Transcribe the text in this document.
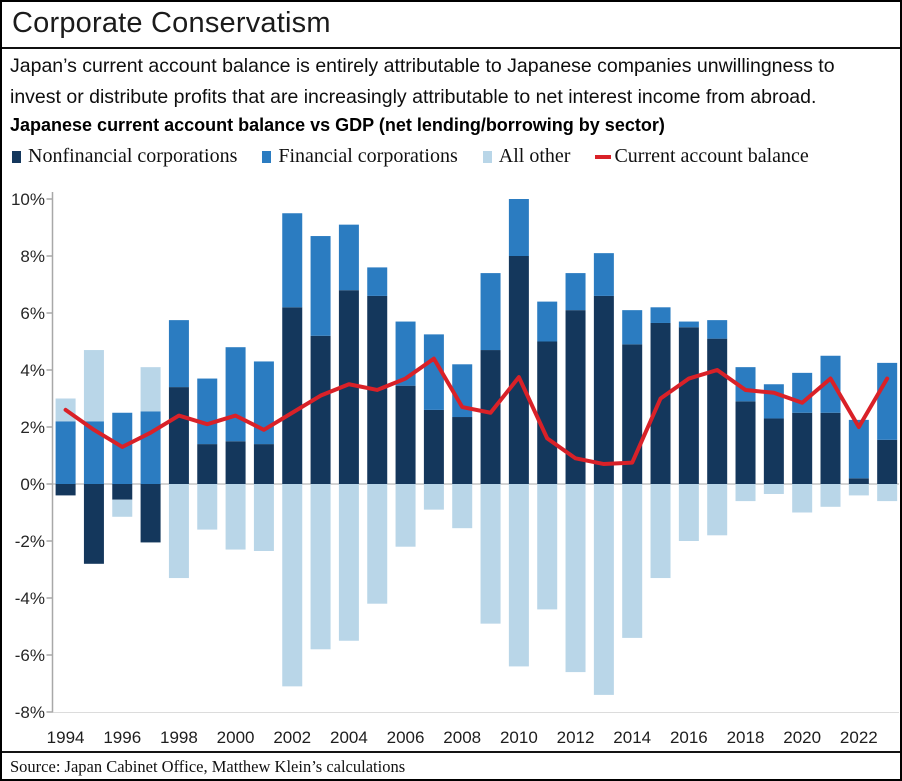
Corporate Conservatism
Japan’s current account balance is entirely attributable to Japanese companies unwillingness to
invest or distribute profits that are increasingly attributable to net interest income from abroad.
Japanese current account balance vs GDP (net lending/borrowing by sector)
Nonfinancial corporations Financial corporations All other Current account balance
10%
8%
6%
4%
2%
0%
-2%
-4%
-6%
-8%
1994 1996 1998 2000 2002 2004 2006 2008 2010 2012 2014 2016 2018 2020 2022
Source: Japan Cabinet Office, Matthew Klein’s calculations
